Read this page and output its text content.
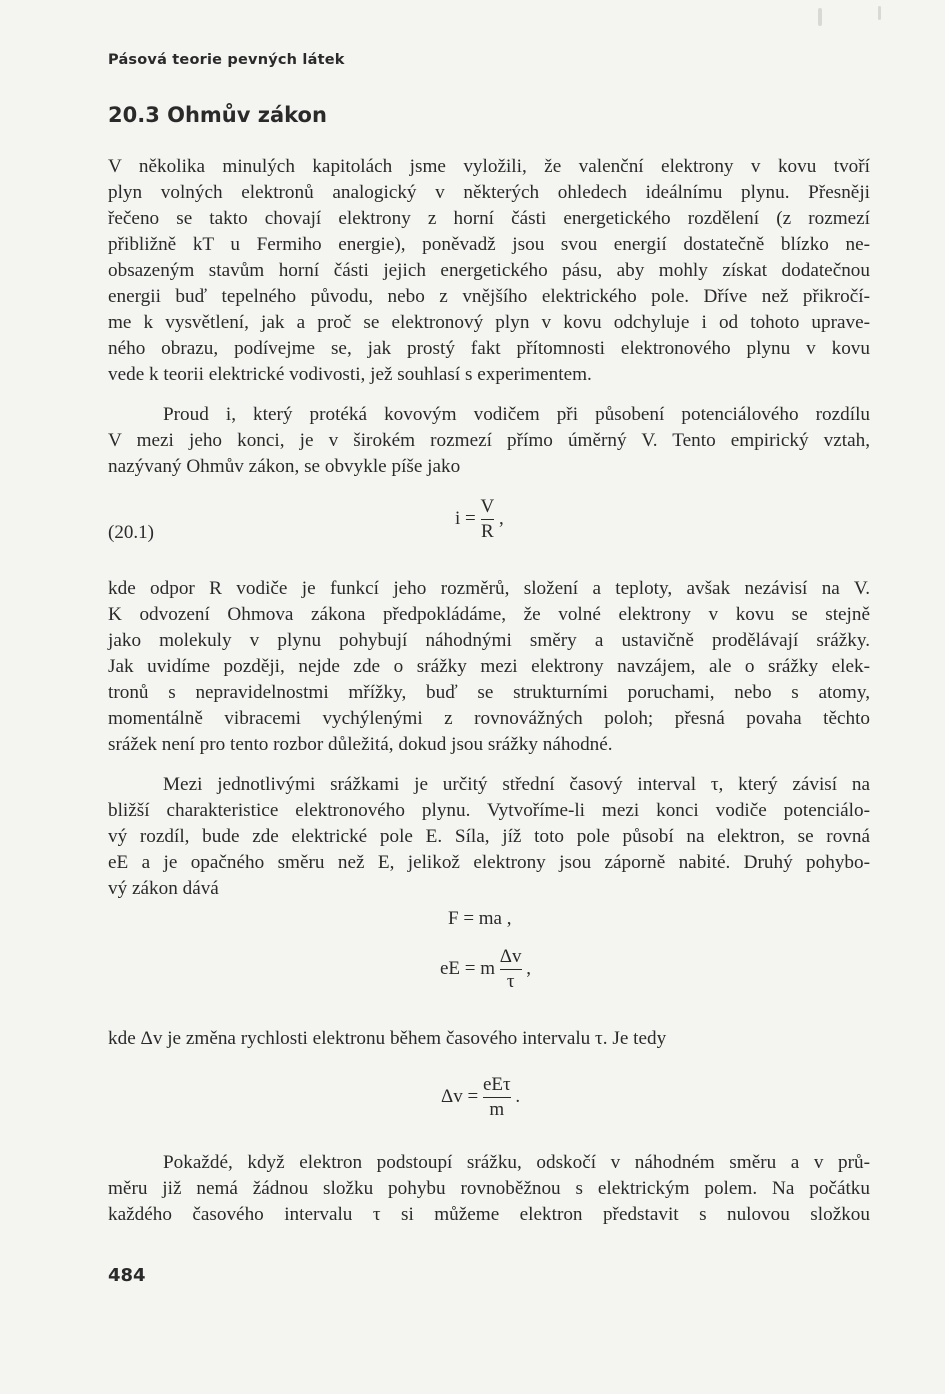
Pásová teorie pevných látek
20.3 Ohmův zákon
V několika minulých kapitolách jsme vyložili, že valenční elektrony v kovu tvoří
plyn volných elektronů analogický v některých ohledech ideálnímu plynu. Přesněji
řečeno se takto chovají elektrony z horní části energetického rozdělení (z rozmezí
přibližně kT u Fermiho energie), poněvadž jsou svou energií dostatečně blízko ne-
obsazeným stavům horní části jejich energetického pásu, aby mohly získat dodatečnou
energii buď tepelného původu, nebo z vnějšího elektrického pole. Dříve než přikročí-
me k vysvětlení, jak a proč se elektronový plyn v kovu odchyluje i od tohoto uprave-
ného obrazu, podívejme se, jak prostý fakt přítomnosti elektronového plynu v kovu
vede k teorii elektrické vodivosti, jež souhlasí s experimentem.
Proud i, který protéká kovovým vodičem při působení potenciálového rozdílu
V mezi jeho konci, je v širokém rozmezí přímo úměrný V. Tento empirický vztah,
nazývaný Ohmův zákon, se obvykle píše jako
(20.1)
$i = \frac{V}{R}$ ,
kde odpor R vodiče je funkcí jeho rozměrů, složení a teploty, avšak nezávisí na V.
K odvození Ohmova zákona předpokládáme, že volné elektrony v kovu se stejně
jako molekuly v plynu pohybují náhodnými směry a ustavičně prodělávají srážky.
Jak uvidíme později, nejde zde o srážky mezi elektrony navzájem, ale o srážky elek-
tronů s nepravidelnostmi mřížky, buď se strukturními poruchami, nebo s atomy,
momentálně vibracemi vychýlenými z rovnovážných poloh; přesná povaha těchto
srážek není pro tento rozbor důležitá, dokud jsou srážky náhodné.
Mezi jednotlivými srážkami je určitý střední časový interval τ, který závisí na
bližší charakteristice elektronového plynu. Vytvoříme-li mezi konci vodiče potenciálo-
vý rozdíl, bude zde elektrické pole E. Síla, jíž toto pole působí na elektron, se rovná
eE a je opačného směru než E, jelikož elektrony jsou záporně nabité. Druhý pohybo-
vý zákon dává
F = ma ,
eE = m $\frac{\Delta v}{\tau}$ ,
kde Δv je změna rychlosti elektronu během časového intervalu τ. Je tedy
$\Delta v = \frac{\text{eEτ}}{m}$ .
Pokaždé, když elektron podstoupí srážku, odskočí v náhodném směru a v prů-
měru již nemá žádnou složku pohybu rovnoběžnou s elektrickým polem. Na počátku
každého časového intervalu τ si můžeme elektron představit s nulovou složkou
484
